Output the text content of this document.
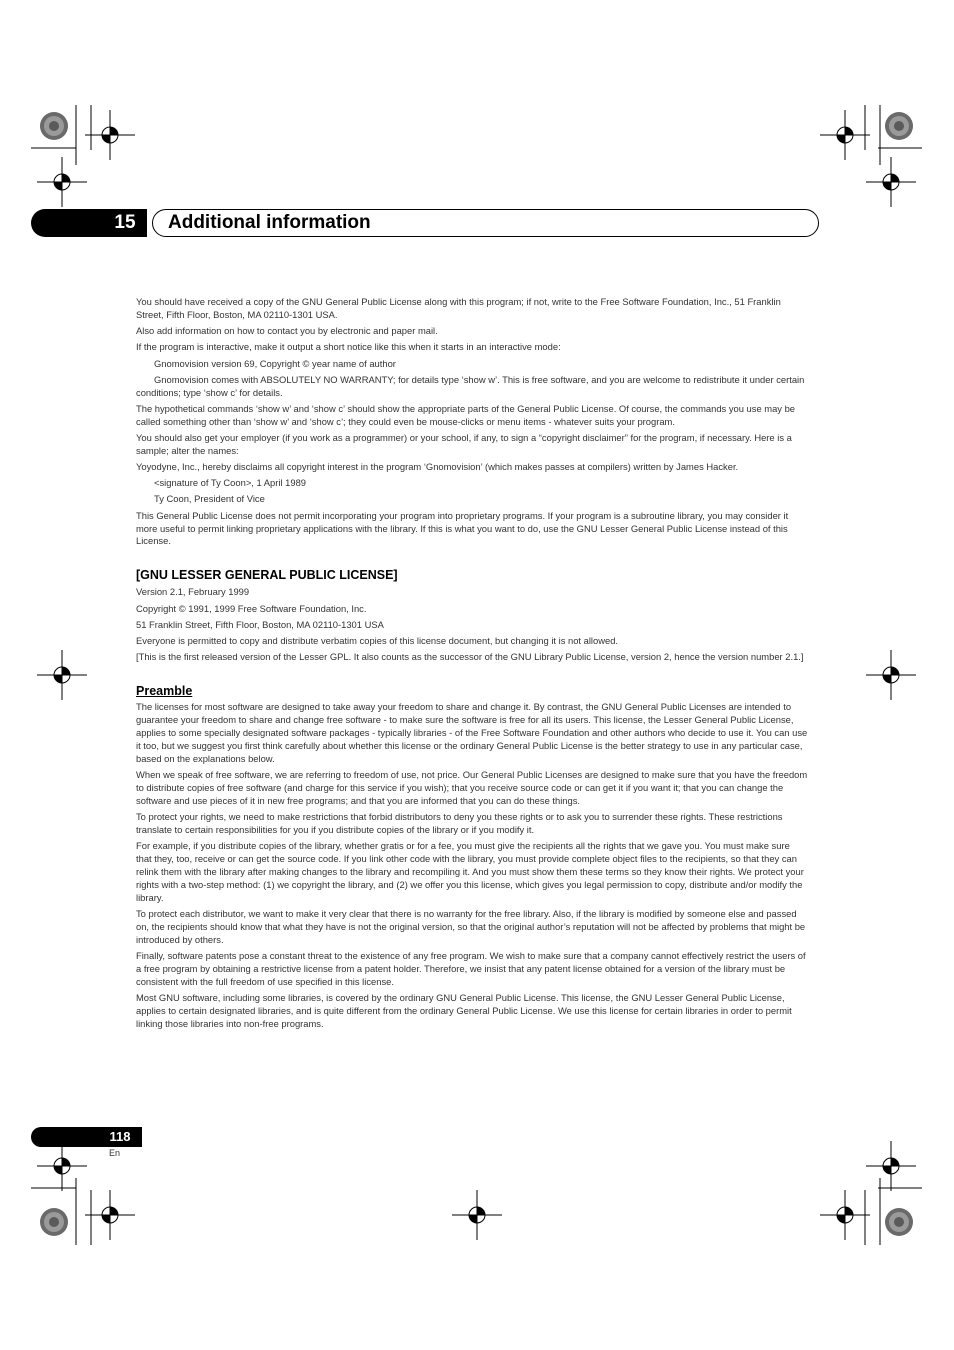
15	Additional information

You should have received a copy of the GNU General Public License along with this program; if not, write to the Free Software Foundation, Inc., 51 Franklin Street, Fifth Floor, Boston, MA 02110-1301 USA.

Also add information on how to contact you by electronic and paper mail.

If the program is interactive, make it output a short notice like this when it starts in an interactive mode:

Gnomovision version 69, Copyright © year name of author

Gnomovision comes with ABSOLUTELY NO WARRANTY; for details type ‘show w’. This is free software, and you are welcome to redistribute it under certain conditions; type ‘show c’ for details.

The hypothetical commands ‘show w’ and ‘show c’ should show the appropriate parts of the General Public License. Of course, the commands you use may be called something other than ‘show w’ and ‘show c’; they could even be mouse-clicks or menu items - whatever suits your program.

You should also get your employer (if you work as a programmer) or your school, if any, to sign a “copyright disclaimer” for the program, if necessary. Here is a sample; alter the names:

Yoyodyne, Inc., hereby disclaims all copyright interest in the program ‘Gnomovision’ (which makes passes at compilers) written by James Hacker.

<signature of Ty Coon>, 1 April 1989

Ty Coon, President of Vice

This General Public License does not permit incorporating your program into proprietary programs. If your program is a subroutine library, you may consider it more useful to permit linking proprietary applications with the library. If this is what you want to do, use the GNU Lesser General Public License instead of this License.

[GNU LESSER GENERAL PUBLIC LICENSE]

Version 2.1, February 1999

Copyright © 1991, 1999 Free Software Foundation, Inc.

51 Franklin Street, Fifth Floor, Boston, MA 02110-1301 USA

Everyone is permitted to copy and distribute verbatim copies of this license document, but changing it is not allowed.

[This is the first released version of the Lesser GPL. It also counts as the successor of the GNU Library Public License, version 2, hence the version number 2.1.]

Preamble

The licenses for most software are designed to take away your freedom to share and change it. By contrast, the GNU General Public Licenses are intended to guarantee your freedom to share and change free software - to make sure the software is free for all its users. This license, the Lesser General Public License, applies to some specially designated software packages - typically libraries - of the Free Software Foundation and other authors who decide to use it. You can use it too, but we suggest you first think carefully about whether this license or the ordinary General Public License is the better strategy to use in any particular case, based on the explanations below.

When we speak of free software, we are referring to freedom of use, not price. Our General Public Licenses are designed to make sure that you have the freedom to distribute copies of free software (and charge for this service if you wish); that you receive source code or can get it if you want it; that you can change the software and use pieces of it in new free programs; and that you are informed that you can do these things.

To protect your rights, we need to make restrictions that forbid distributors to deny you these rights or to ask you to surrender these rights. These restrictions translate to certain responsibilities for you if you distribute copies of the library or if you modify it.

For example, if you distribute copies of the library, whether gratis or for a fee, you must give the recipients all the rights that we gave you. You must make sure that they, too, receive or can get the source code. If you link other code with the library, you must provide complete object files to the recipients, so that they can relink them with the library after making changes to the library and recompiling it. And you must show them these terms so they know their rights. We protect your rights with a two-step method: (1) we copyright the library, and (2) we offer you this license, which gives you legal permission to copy, distribute and/or modify the library.

To protect each distributor, we want to make it very clear that there is no warranty for the free library. Also, if the library is modified by someone else and passed on, the recipients should know that what they have is not the original version, so that the original author’s reputation will not be affected by problems that might be introduced by others.

Finally, software patents pose a constant threat to the existence of any free program. We wish to make sure that a company cannot effectively restrict the users of a free program by obtaining a restrictive license from a patent holder. Therefore, we insist that any patent license obtained for a version of the library must be consistent with the full freedom of use specified in this license.

Most GNU software, including some libraries, is covered by the ordinary GNU General Public License. This license, the GNU Lesser General Public License, applies to certain designated libraries, and is quite different from the ordinary General Public License. We use this license for certain libraries in order to permit linking those libraries into non-free programs.

118
En
